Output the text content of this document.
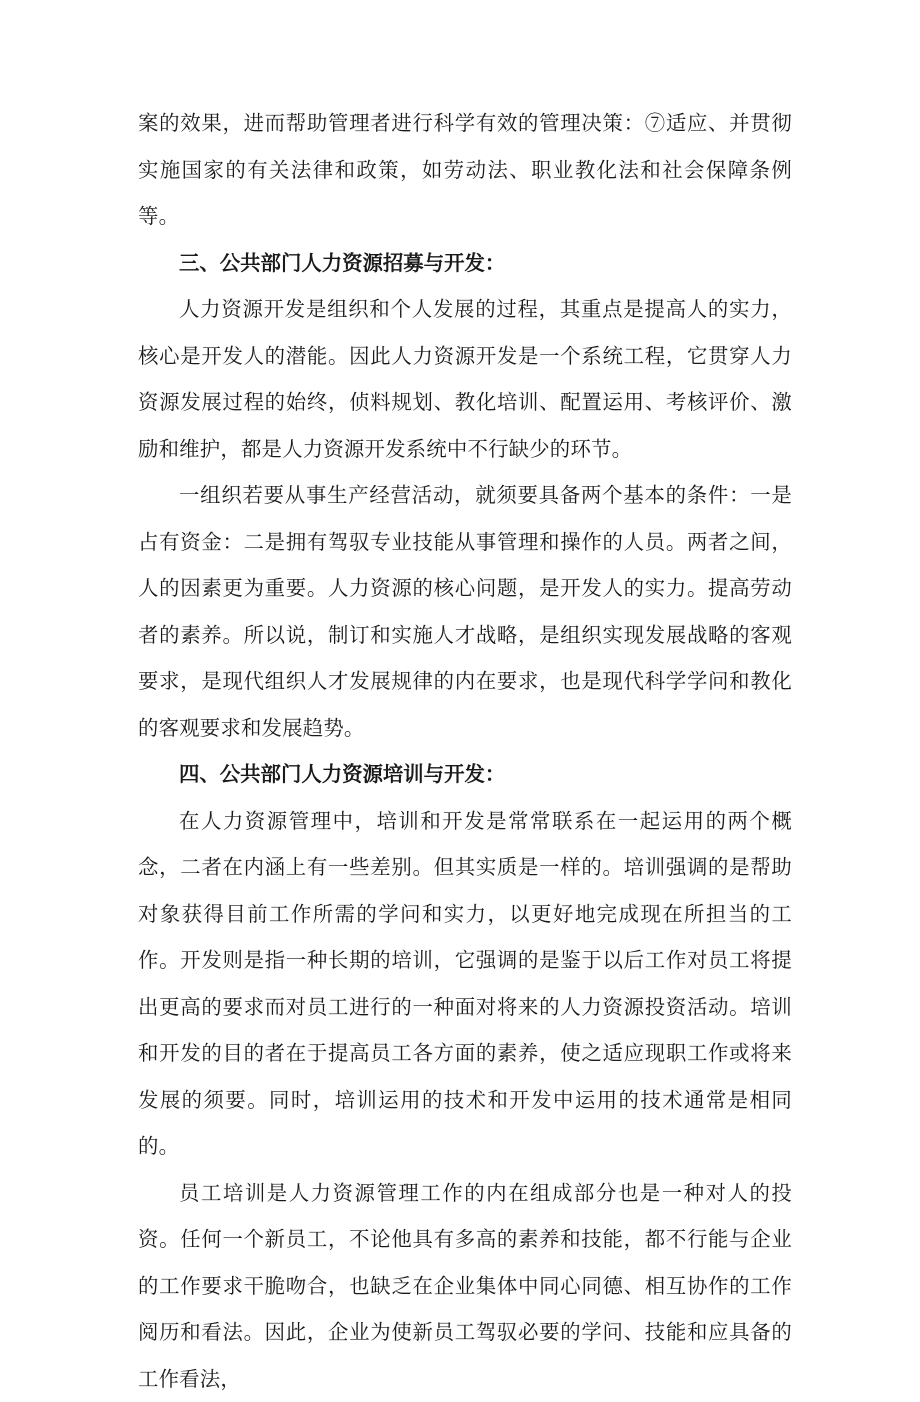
案的效果，进而帮助管理者进行科学有效的管理决策：⑦适应、并贯彻实施国家的有关法律和政策，如劳动法、职业教化法和社会保障条例等。

三、公共部门人力资源招募与开发：

人力资源开发是组织和个人发展的过程，其重点是提高人的实力，核心是开发人的潜能。因此人力资源开发是一个系统工程，它贯穿人力资源发展过程的始终，侦料规划、教化培训、配置运用、考核评价、激励和维护，都是人力资源开发系统中不行缺少的环节。

一组织若要从事生产经营活动，就须要具备两个基本的条件：一是占有资金：二是拥有驾驭专业技能从事管理和操作的人员。两者之间，人的因素更为重要。人力资源的核心问题，是开发人的实力。提高劳动者的素养。所以说，制订和实施人才战略，是组织实现发展战略的客观要求，是现代组织人才发展规律的内在要求，也是现代科学学问和教化的客观要求和发展趋势。

四、公共部门人力资源培训与开发：

在人力资源管理中，培训和开发是常常联系在一起运用的两个概念，二者在内涵上有一些差别。但其实质是一样的。培训强调的是帮助对象获得目前工作所需的学问和实力，以更好地完成现在所担当的工作。开发则是指一种长期的培训，它强调的是鉴于以后工作对员工将提出更高的要求而对员工进行的一种面对将来的人力资源投资活动。培训和开发的目的者在于提高员工各方面的素养，使之适应现职工作或将来发展的须要。同时，培训运用的技术和开发中运用的技术通常是相同的。

员工培训是人力资源管理工作的内在组成部分也是一种对人的投资。任何一个新员工，不论他具有多高的素养和技能，都不行能与企业的工作要求干脆吻合，也缺乏在企业集体中同心同德、相互协作的工作阅历和看法。因此，企业为使新员工驾驭必要的学问、技能和应具备的工作看法，
